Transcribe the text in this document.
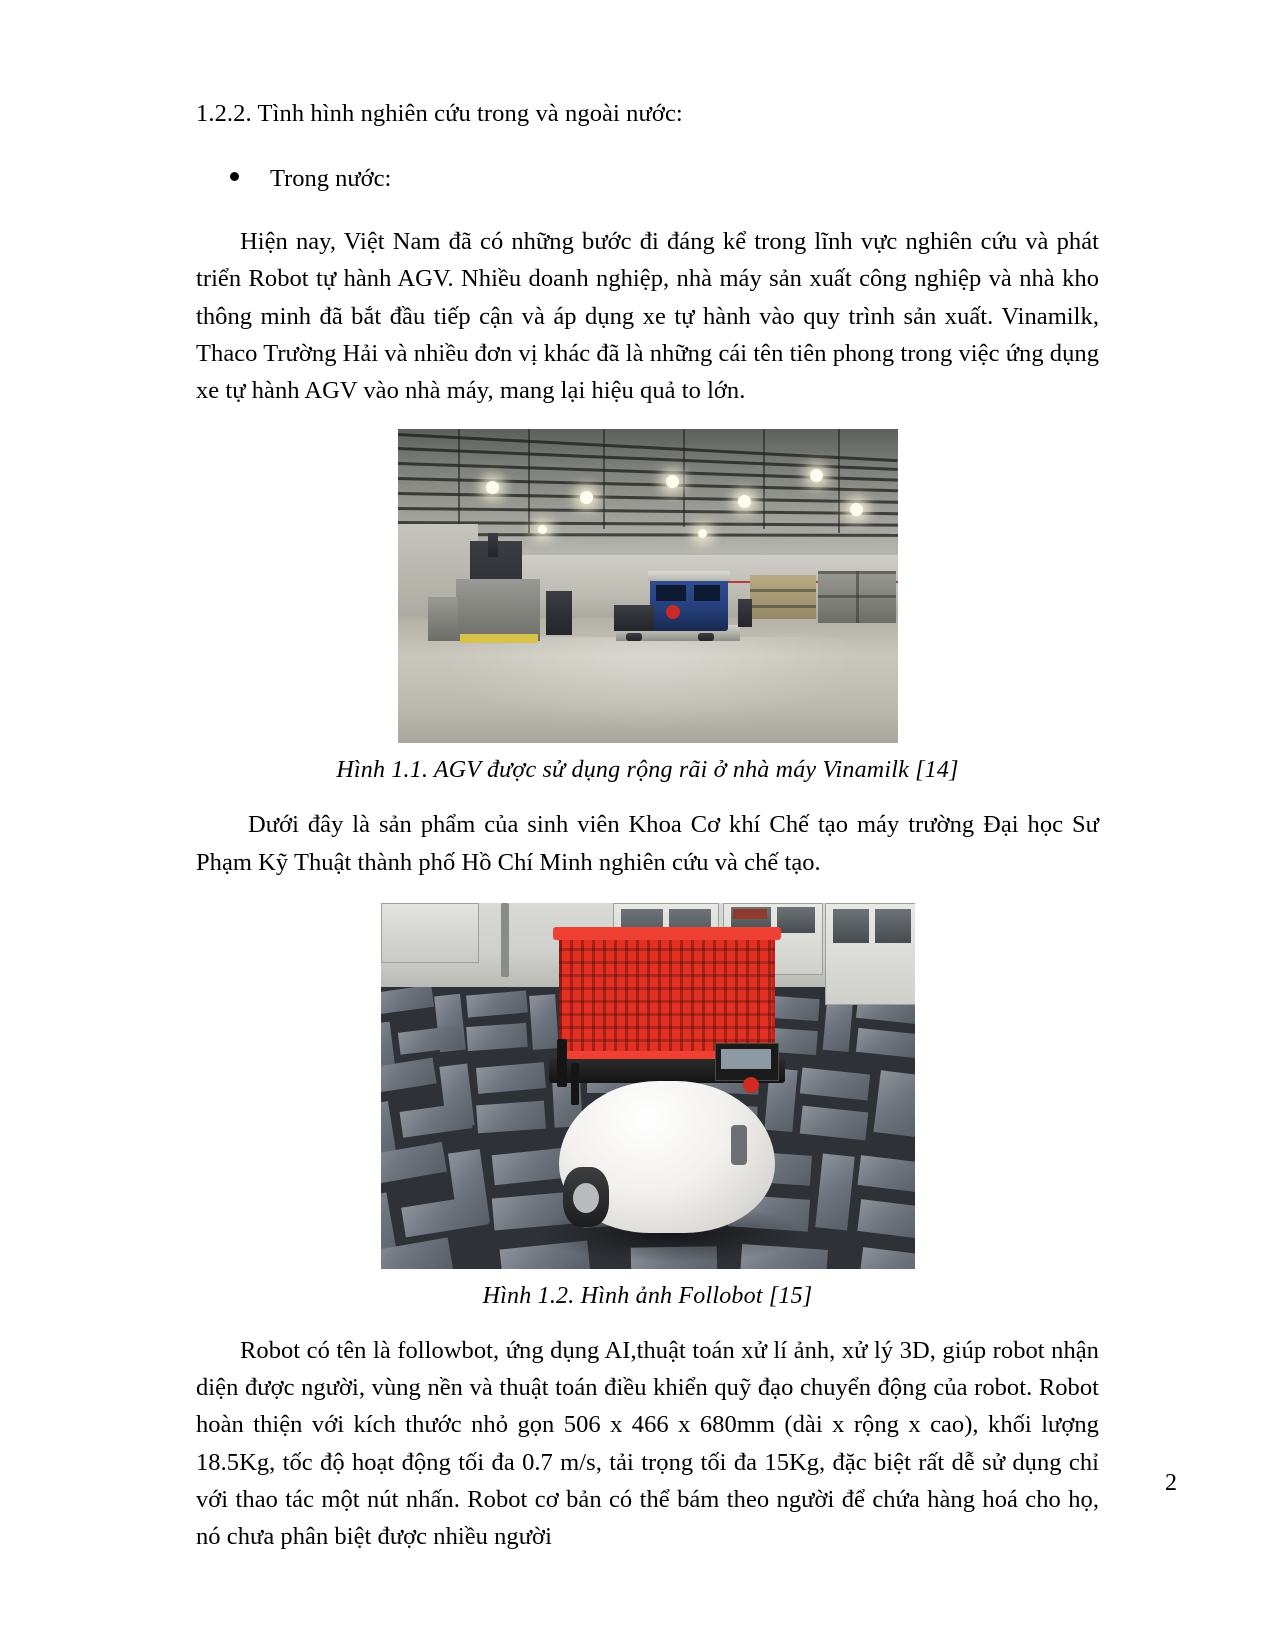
1.2.2. Tình hình nghiên cứu trong và ngoài nước:
Trong nước:

Hiện nay, Việt Nam đã có những bước đi đáng kể trong lĩnh vực nghiên cứu và phát triển Robot tự hành AGV. Nhiều doanh nghiệp, nhà máy sản xuất công nghiệp và nhà kho thông minh đã bắt đầu tiếp cận và áp dụng xe tự hành vào quy trình sản xuất. Vinamilk, Thaco Trường Hải và nhiều đơn vị khác đã là những cái tên tiên phong trong việc ứng dụng xe tự hành AGV vào nhà máy, mang lại hiệu quả to lớn.

Hình 1.1. AGV được sử dụng rộng rãi ở nhà máy Vinamilk [14]

Dưới đây là sản phẩm của sinh viên Khoa Cơ khí Chế tạo máy trường Đại học Sư Phạm Kỹ Thuật thành phố Hồ Chí Minh nghiên cứu và chế tạo.

Hình 1.2. Hình ảnh Follobot [15]

Robot có tên là followbot, ứng dụng AI,thuật toán xử lí ảnh, xử lý 3D, giúp robot nhận diện được người, vùng nền và thuật toán điều khiển quỹ đạo chuyển động của robot. Robot hoàn thiện với kích thước nhỏ gọn 506 x 466 x 680mm (dài x rộng x cao), khối lượng 18.5Kg, tốc độ hoạt động tối đa 0.7 m/s, tải trọng tối đa 15Kg, đặc biệt rất dễ sử dụng chỉ với thao tác một nút nhấn. Robot cơ bản có thể bám theo người để chứa hàng hoá cho họ, nó chưa phân biệt được nhiều người

2
